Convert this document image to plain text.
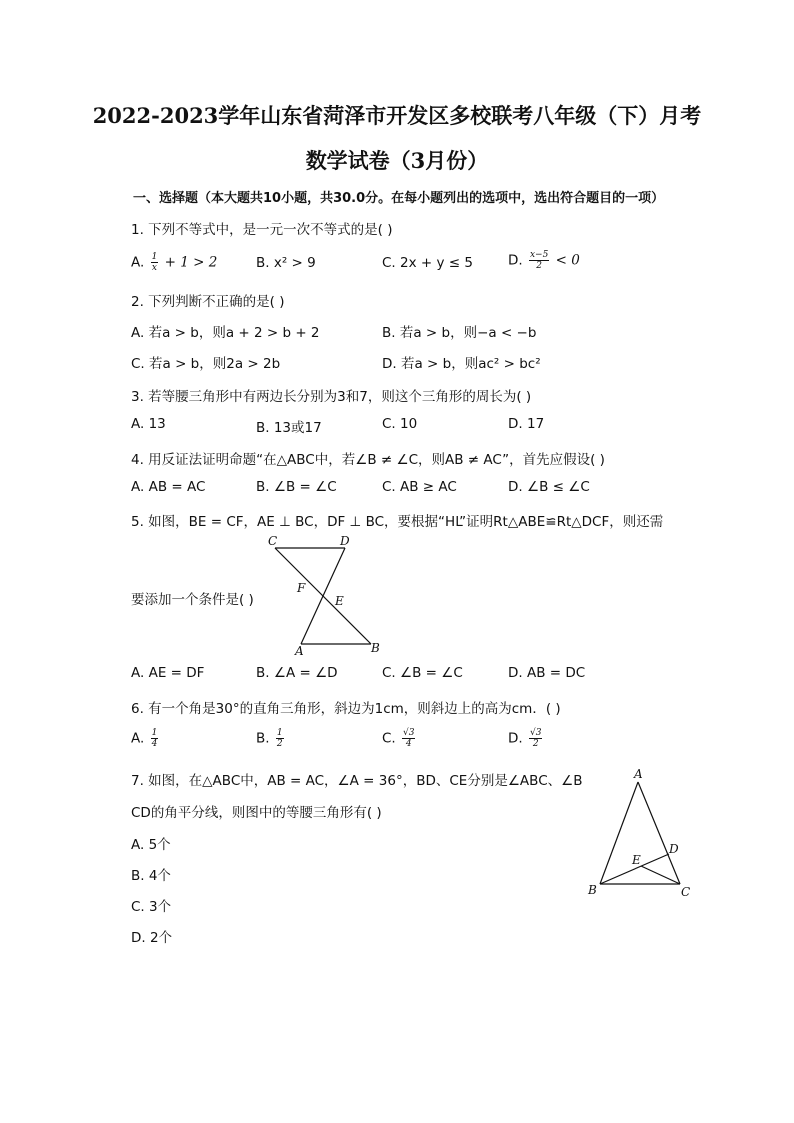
2022-2023学年山东省菏泽市开发区多校联考八年级（下）月考
数学试卷（3月份）
一、选择题（本大题共10小题，共30.0分。在每小题列出的选项中，选出符合题目的一项）
1. 下列不等式中，是一元一次不等式的是( )
A. $\frac{1}{x} + 1 > 2$	B. x² > 9	C. 2x + y ≤ 5	D. $\frac{x-5}{2} < 0$
2. 下列判断不正确的是( )
A. 若a > b，则a + 2 > b + 2	B. 若a > b，则−a < −b
C. 若a > b，则2a > 2b	D. 若a > b，则ac² > bc²
3. 若等腰三角形中有两边长分别为3和7，则这个三角形的周长为( )
A. 13	B. 13或17	C. 10	D. 17
4. 用反证法证明命题“在△ABC中，若∠B ≠ ∠C，则AB ≠ AC”，首先应假设( )
A. AB = AC	B. ∠B = ∠C	C. AB ≥ AC	D. ∠B ≤ ∠C
5. 如图，BE = CF，AE ⊥ BC，DF ⊥ BC，要根据“HL”证明Rt△ABE≌Rt△DCF，则还需
C	D
F
E
A	B
要添加一个条件是( )
A. AE = DF	B. ∠A = ∠D	C. ∠B = ∠C	D. AB = DC
6. 有一个角是30°的直角三角形，斜边为1cm，则斜边上的高为cm．( )
A. $\frac{1}{4}$	B. $\frac{1}{2}$	C. $\frac{√3}{4}$	D. $\frac{√3}{2}$
7. 如图，在△ABC中，AB = AC，∠A = 36°，BD、CE分别是∠ABC、∠B
CD的角平分线，则图中的等腰三角形有( )
A. 5个
B. 4个
C. 3个
D. 2个
A
B	C
D
E
